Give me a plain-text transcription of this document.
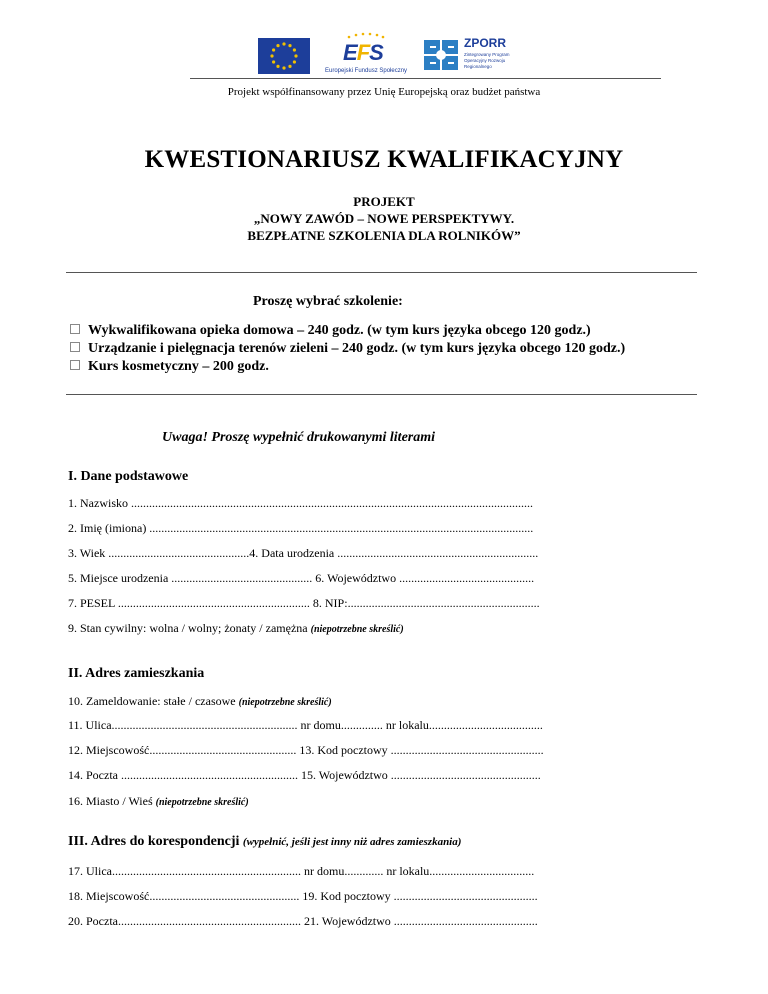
EFS
Europejski Fundusz Społeczny
ZPORR
Zintegrowany Program Operacyjny Rozwoju Regionalnego
Projekt współfinansowany przez Unię Europejską oraz budżet państwa
KWESTIONARIUSZ KWALIFIKACYJNY
PROJEKT
„NOWY ZAWÓD – NOWE PERSPEKTYWY.
BEZPŁATNE SZKOLENIA DLA ROLNIKÓW”
Proszę wybrać szkolenie:
Wykwalifikowana opieka domowa – 240 godz. (w tym kurs języka obcego 120 godz.)
Urządzanie i pielęgnacja terenów zieleni – 240 godz. (w tym kurs języka obcego 120 godz.)
Kurs kosmetyczny – 200 godz.
Uwaga! Proszę wypełnić drukowanymi literami
I. Dane podstawowe
1. Nazwisko ......................................................................................................................................
2. Imię (imiona) ................................................................................................................................
3. Wiek ...............................................4. Data urodzenia ...................................................................
5. Miejsce urodzenia ............................................... 6. Województwo .............................................
7. PESEL ................................................................ 8. NIP:................................................................
9. Stan cywilny: wolna / wolny; żonaty / zamężna (niepotrzebne skreślić)
II. Adres zamieszkania
10. Zameldowanie: stałe / czasowe (niepotrzebne skreślić)
11. Ulica.............................................................. nr domu.............. nr lokalu......................................
12. Miejscowość................................................. 13. Kod pocztowy ...................................................
14. Poczta ........................................................... 15. Województwo ..................................................
16. Miasto / Wieś (niepotrzebne skreślić)
III. Adres do korespondencji (wypełnić, jeśli jest inny niż adres zamieszkania)
17. Ulica............................................................... nr domu............. nr lokalu...................................
18. Miejscowość.................................................. 19. Kod pocztowy ................................................
20. Poczta............................................................. 21. Województwo ................................................
